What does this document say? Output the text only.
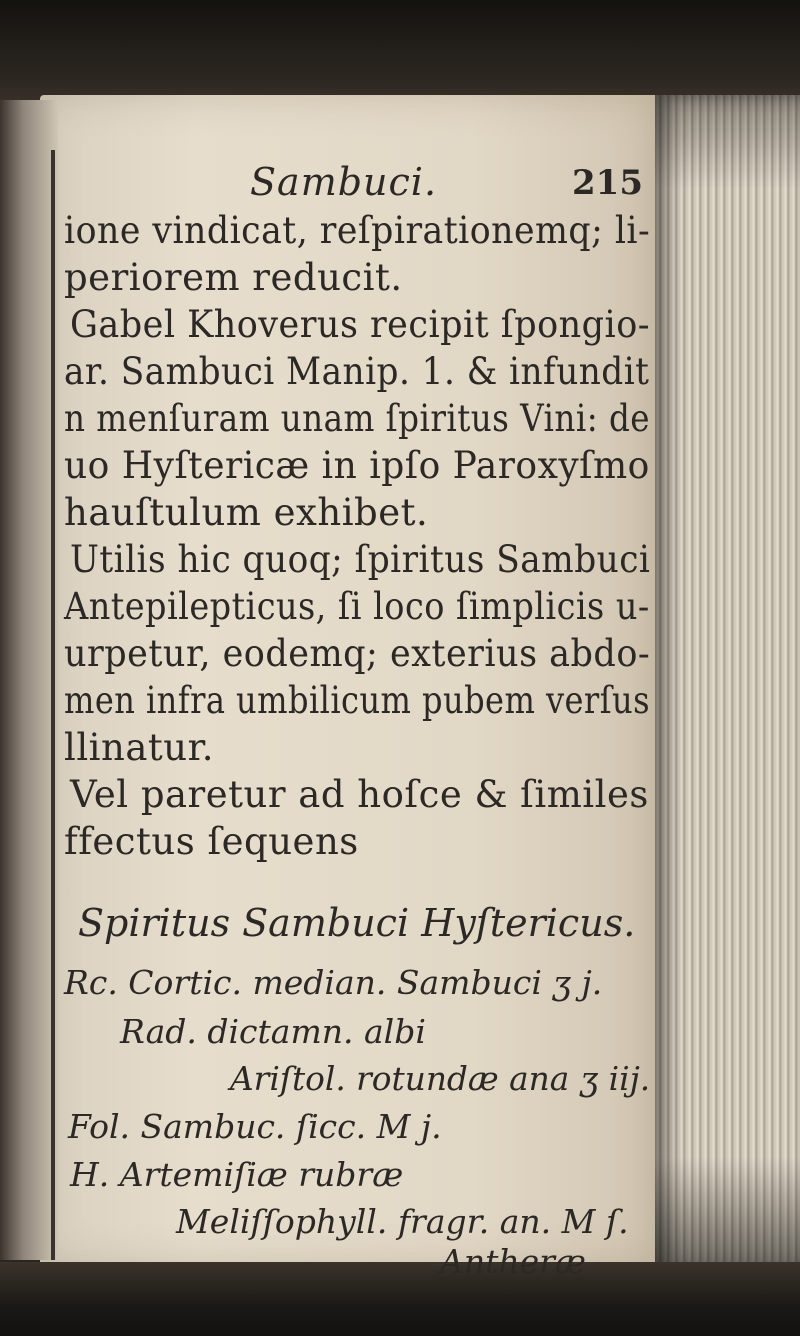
Sambuci.	215
ione vindicat, reſpirationemq; li-
periorem reducit.
Gabel Khoverus recipit ſpongio-
ar. Sambuci Manip. 1. & infundit
n menſuram unam ſpiritus Vini: de
uo Hyſtericæ in ipſo Paroxyſmo
hauſtulum exhibet.
Utilis hic quoq; ſpiritus Sambuci
Antepilepticus, ſi loco ſimplicis u-
urpetur, eodemq; exterius abdo-
men infra umbilicum pubem verſus
llinatur.
Vel paretur ad hoſce & ſimiles
ffectus ſequens
Spiritus Sambuci Hyſtericus.
Rc. Cortic. median. Sambuci ʒ j.
Rad. dictamn. albi
Ariſtol. rotundæ ana ʒ iij.
Fol. Sambuc. ſicc. M j.
H. Artemiſiæ rubræ
Meliſſophyll. fragr. an. M ſ.
Antheræ
